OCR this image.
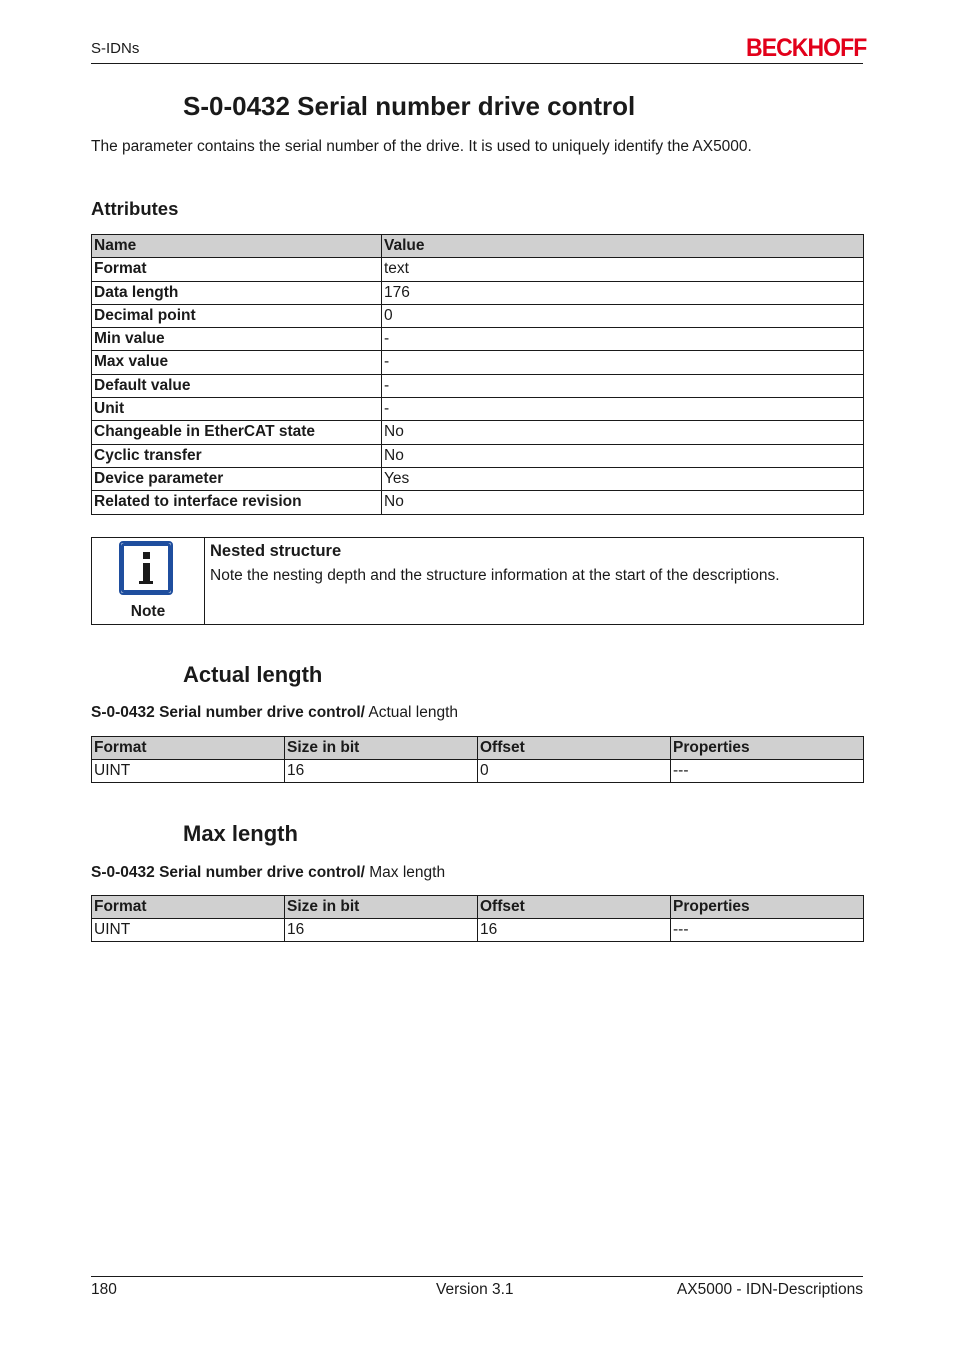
S-IDNs	BECKHOFF
S-0-0432 Serial number drive control

The parameter contains the serial number of the drive. It is used to uniquely identify the AX5000.

Attributes
Name	Value
Format	text
Data length	176
Decimal point	0
Min value	-
Max value	-
Default value	-
Unit	-
Changeable in EtherCAT state	No
Cyclic transfer	No
Device parameter	Yes
Related to interface revision	No
Note
Nested structure
Note the nesting depth and the structure information at the start of the descriptions.
Actual length
S-0-0432 Serial number drive control/ Actual length
Format	Size in bit	Offset	Properties
UINT	16	0	---
Max length
S-0-0432 Serial number drive control/ Max length
Format	Size in bit	Offset	Properties
UINT	16	16	---
180	Version 3.1	AX5000 - IDN-Descriptions
